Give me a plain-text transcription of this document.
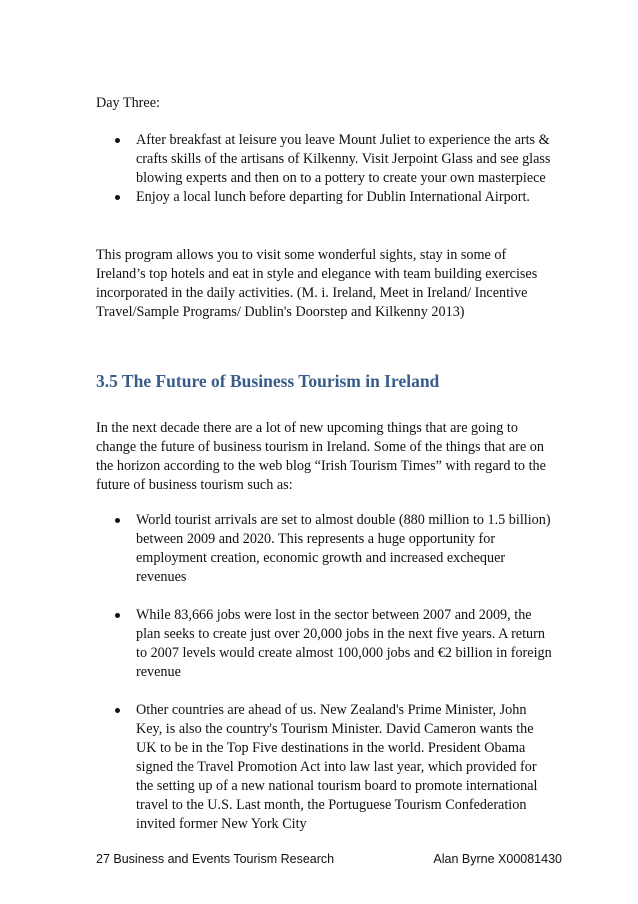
Day Three:

After breakfast at leisure you leave Mount Juliet to experience the arts & crafts skills of the artisans of Kilkenny. Visit Jerpoint Glass and see glass blowing experts and then on to a pottery to create your own masterpiece
Enjoy a local lunch before departing for Dublin International Airport.

This program allows you to visit some wonderful sights, stay in some of Ireland’s top hotels and eat in style and elegance with team building exercises incorporated in the daily activities. (M. i. Ireland, Meet in Ireland/ Incentive Travel/Sample Programs/ Dublin's Doorstep and Kilkenny 2013)

3.5 The Future of Business Tourism in Ireland

In the next decade there are a lot of new upcoming things that are going to change the future of business tourism in Ireland. Some of the things that are on the horizon according to the web blog “Irish Tourism Times” with regard to the future of business tourism such as:

World tourist arrivals are set to almost double (880 million to 1.5 billion) between 2009 and 2020. This represents a huge opportunity for employment creation, economic growth and increased exchequer revenues
While 83,666 jobs were lost in the sector between 2007 and 2009, the plan seeks to create just over 20,000 jobs in the next five years. A return to 2007 levels would create almost 100,000 jobs and €2 billion in foreign revenue
Other countries are ahead of us. New Zealand's Prime Minister, John Key, is also the country's Tourism Minister. David Cameron wants the UK to be in the Top Five destinations in the world. President Obama signed the Travel Promotion Act into law last year, which provided for the setting up of a new national tourism board to promote international travel to the U.S. Last month, the Portuguese Tourism Confederation invited former New York City
27 Business and Events Tourism Research	Alan Byrne X00081430
